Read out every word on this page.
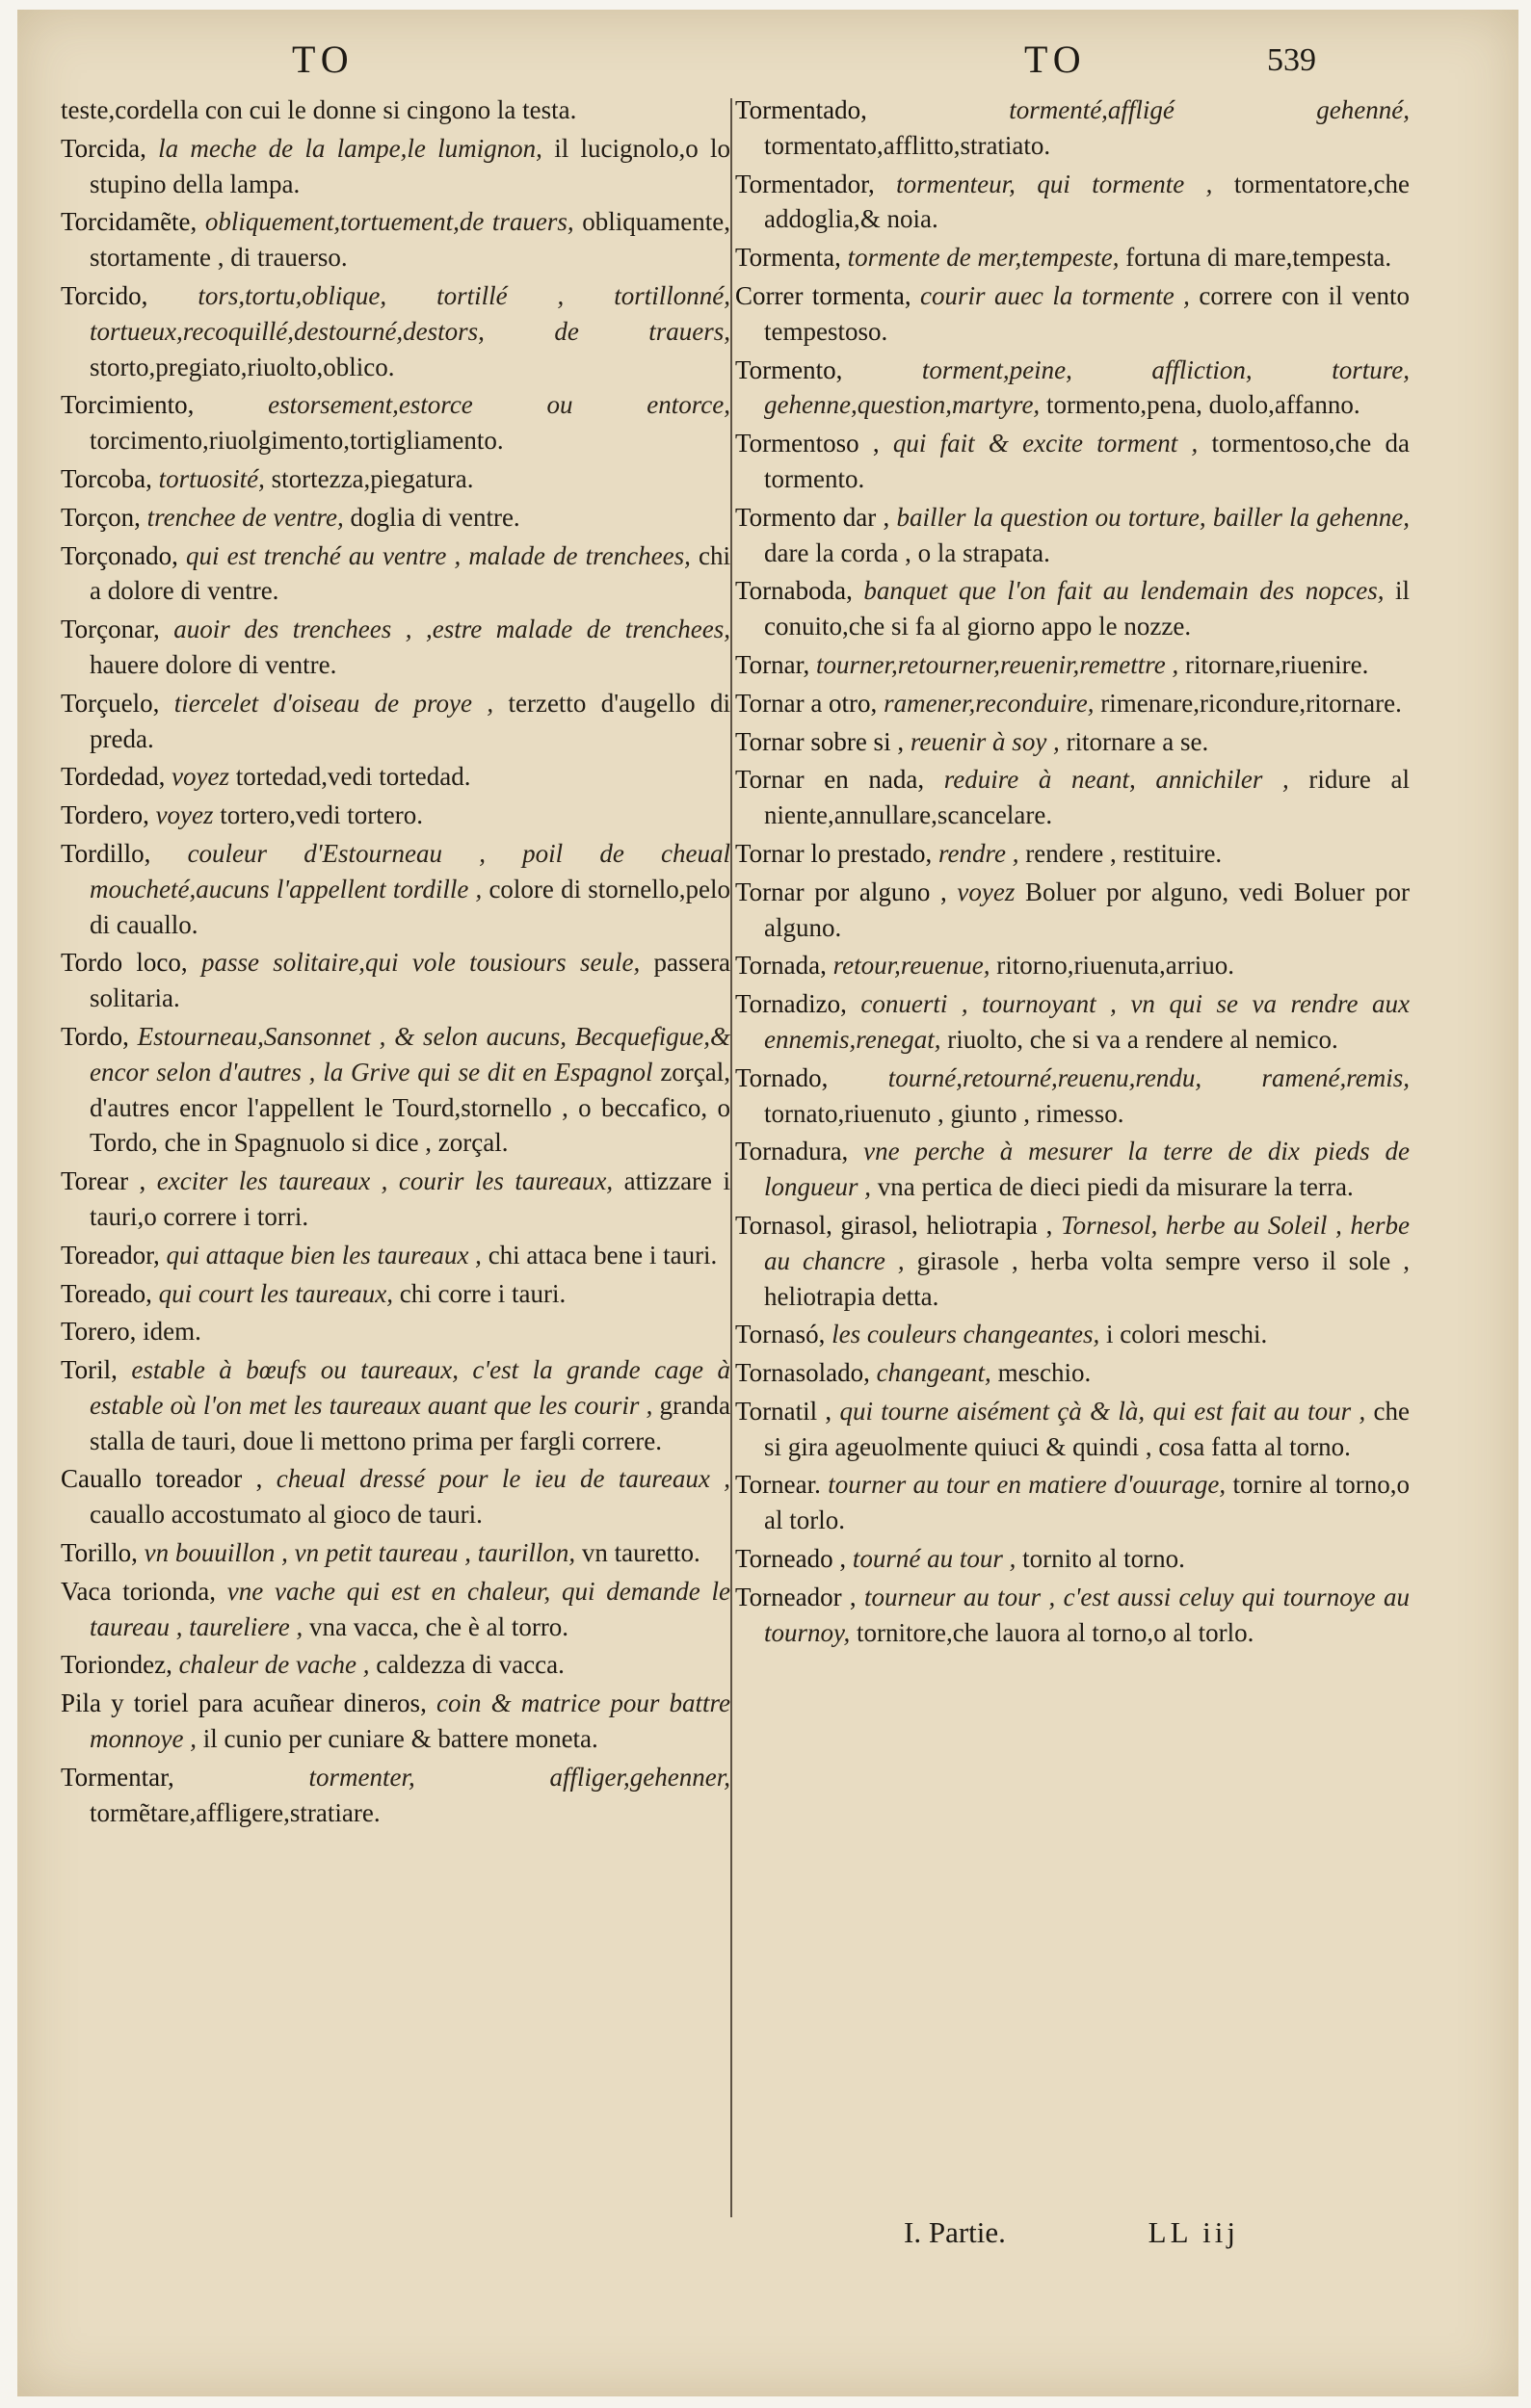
TO	TO	539
teste,cordella con cui le donne si cingono la testa.
Torcida, la meche de la lampe,le lumignon, il lucignolo,o lo stupino della lampa.
Torcidamẽte, obliquement,tortuement,de trauers, obliquamente, stortamente , di trauerso.
Torcido, tors,tortu,oblique, tortillé , tortillonné, tortueux,recoquillé,destourné,destors, de trauers, storto,pregiato,riuolto,oblico.
Torcimiento,	estorsement,estorce ou entorce, torcimento,riuolgimento,tortigliamento.
Torcoba, tortuosité, stortezza,piegatura.
Torçon, trenchee de ventre, doglia di ventre.
Torçonado, qui est trenché au ventre , malade de trenchees, chi a dolore di ventre.
Torçonar, auoir des trenchees , ,estre malade de trenchees, hauere dolore di ventre.
Torçuelo, tiercelet d'oiseau de proye , terzetto d'augello di preda.
Tordedad, voyez tortedad,vedi tortedad.
Tordero, voyez tortero,vedi tortero.
Tordillo, couleur d'Estourneau , poil de cheual moucheté,aucuns l'appellent tordille , colore di stornello,pelo di cauallo.
Tordo loco, passe solitaire,qui vole tousiours seule, passera solitaria.
Tordo, Estourneau,Sansonnet , & selon aucuns, Becquefigue,& encor selon d'autres , la Grive qui se dit en Espagnol zorçal, d'autres encor l'appellent le Tourd,stornello , o beccafico, o Tordo, che in Spagnuolo si dice , zorçal.
Torear , exciter les taureaux , courir les taureaux, attizzare i tauri,o correre i torri.
Toreador, qui attaque bien les taureaux , chi attaca bene i tauri.
Toreado, qui court les taureaux, chi corre i tauri.
Torero, idem.
Toril, estable à bœufs ou taureaux, c'est la grande cage à estable où l'on met les taureaux auant que les courir , granda stalla de tauri, doue li mettono prima per fargli correre.
Cauallo toreador , cheual dressé pour le ieu de taureaux , cauallo accostumato al gioco de tauri.
Torillo, vn bouuillon , vn petit taureau , taurillon, vn tauretto.
Vaca torionda, vne vache qui est en chaleur, qui demande le taureau , taureliere , vna vacca, che è al torro.
Toriondez, chaleur de vache , caldezza di vacca.
Pila y toriel para acuñear dineros, coin & matrice pour battre monnoye , il cunio per cuniare & battere moneta.
Tormentar,	tormenter, affliger,gehenner, tormẽtare,affligere,stratiare.
Tormentado,	tormenté,affligé gehenné, tormentato,afflitto,stratiato.
Tormentador, tormenteur, qui tormente , tormentatore,che addoglia,& noia.
Tormenta, tormente de mer,tempeste, fortuna di mare,tempesta.
Correr tormenta, courir auec la tormente , correre con il vento tempestoso.
Tormento,	torment,peine, affliction, torture, gehenne,question,martyre, tormento,pena, duolo,affanno.
Tormentoso , qui fait & excite torment , tormentoso,che da tormento.
Tormento dar , bailler la question ou torture, bailler la gehenne, dare la corda , o la strapata.
Tornaboda, banquet que l'on fait au lendemain des nopces, il conuito,che si fa al giorno appo le nozze.
Tornar, tourner,retourner,reuenir,remettre , ritornare,riuenire.
Tornar a otro, ramener,reconduire, rimenare,ricondure,ritornare.
Tornar sobre si , reuenir à soy , ritornare a se.
Tornar en nada, reduire à neant, annichiler , ridure al niente,annullare,scancelare.
Tornar lo prestado, rendre , rendere , restituire.
Tornar por alguno , voyez Boluer por alguno, vedi Boluer por alguno.
Tornada, retour,reuenue, ritorno,riuenuta,arriuo.
Tornadizo, conuerti , tournoyant , vn qui se va rendre aux ennemis,renegat, riuolto, che si va a rendere al nemico.
Tornado, tourné,retourné,reuenu,rendu, ramené,remis, tornato,riuenuto , giunto , rimesso.
Tornadura, vne perche à mesurer la terre de dix pieds de longueur , vna pertica de dieci piedi da misurare la terra.
Tornasol, girasol, heliotrapia , Tornesol, herbe au Soleil , herbe au chancre , girasole , herba volta sempre verso il sole , heliotrapia detta.
Tornasó, les couleurs changeantes, i colori meschi.
Tornasolado, changeant, meschio.
Tornatil , qui tourne aisément çà & là, qui est fait au tour , che si gira ageuolmente quiuci & quindi , cosa fatta al torno.
Tornear. tourner au tour en matiere d'ouurage, tornire al torno,o al torlo.
Torneado , tourné au tour , tornito al torno.
Torneador , tourneur au tour , c'est aussi celuy qui tournoye au tournoy, tornitore,che lauora al torno,o al torlo.
I. Partie.	LL iij
